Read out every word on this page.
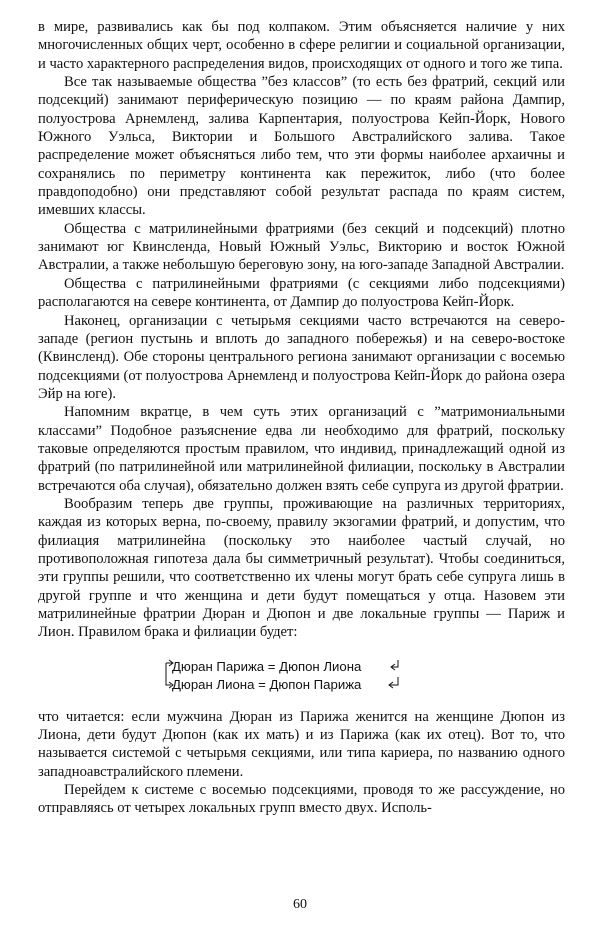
в мире, развивались как бы под колпаком. Этим объясняется наличие у них многочисленных общих черт, особенно в сфере религии и социальной организации, и часто характерного распределения видов, происходящих от одного и того же типа.

Все так называемые общества ”без классов” (то есть без фратрий, секций или подсекций) занимают периферическую позицию — по краям района Дампир, полуострова Арнемленд, залива Карпентария, полуострова Кейп-Йорк, Нового Южного Уэльса, Виктории и Большого Австралийского залива. Такое распределение может объясняться либо тем, что эти формы наиболее архаичны и сохранялись по периметру континента как пережиток, либо (что более правдоподобно) они представляют собой результат распада по краям систем, имевших классы.

Общества с матрилинейными фратриями (без секций и подсекций) плотно занимают юг Квинсленда, Новый Южный Уэльс, Викторию и восток Южной Австралии, а также небольшую береговую зону, на юго-западе Западной Австралии.

Общества с патрилинейными фратриями (с секциями либо подсекциями) располагаются на севере континента, от Дампир до полуострова Кейп-Йорк.

Наконец, организации с четырьмя секциями часто встречаются на северо-западе (регион пустынь и вплоть до западного побережья) и на северо-востоке (Квинсленд). Обе стороны центрального региона занимают организации с восемью подсекциями (от полуострова Арнемленд и полуострова Кейп-Йорк до района озера Эйр на юге).

Напомним вкратце, в чем суть этих организаций с ”матримониальными классами” Подобное разъяснение едва ли необходимо для фратрий, поскольку таковые определяются простым правилом, что индивид, принадлежащий одной из фратрий (по патрилинейной или матрилинейной филиации, поскольку в Австралии встречаются оба случая), обязательно должен взять себе супруга из другой фратрии.

Вообразим теперь две группы, проживающие на различных территориях, каждая из которых верна, по-своему, правилу экзогамии фратрий, и допустим, что филиация матрилинейна (поскольку это наиболее частый случай, но противоположная гипотеза дала бы симметричный результат). Чтобы соединиться, эти группы решили, что соответственно их члены могут брать себе супруга лишь в другой группе и что женщина и дети будут помещаться у отца. Назовем эти матрилинейные фратрии Дюран и Дюпон и две локальные группы — Париж и Лион. Правилом брака и филиации будет:

Дюран Парижа = Дюпон Лиона
Дюран Лиона = Дюпон Парижа

что читается: если мужчина Дюран из Парижа женится на женщине Дюпон из Лиона, дети будут Дюпон (как их мать) и из Парижа (как их отец). Вот то, что называется системой с четырьмя секциями, или типа кариера, по названию одного западноавстралийского племени.

Перейдем к системе с восемью подсекциями, проводя то же рассуждение, но отправляясь от четырех локальных групп вместо двух. Исполь-

60
